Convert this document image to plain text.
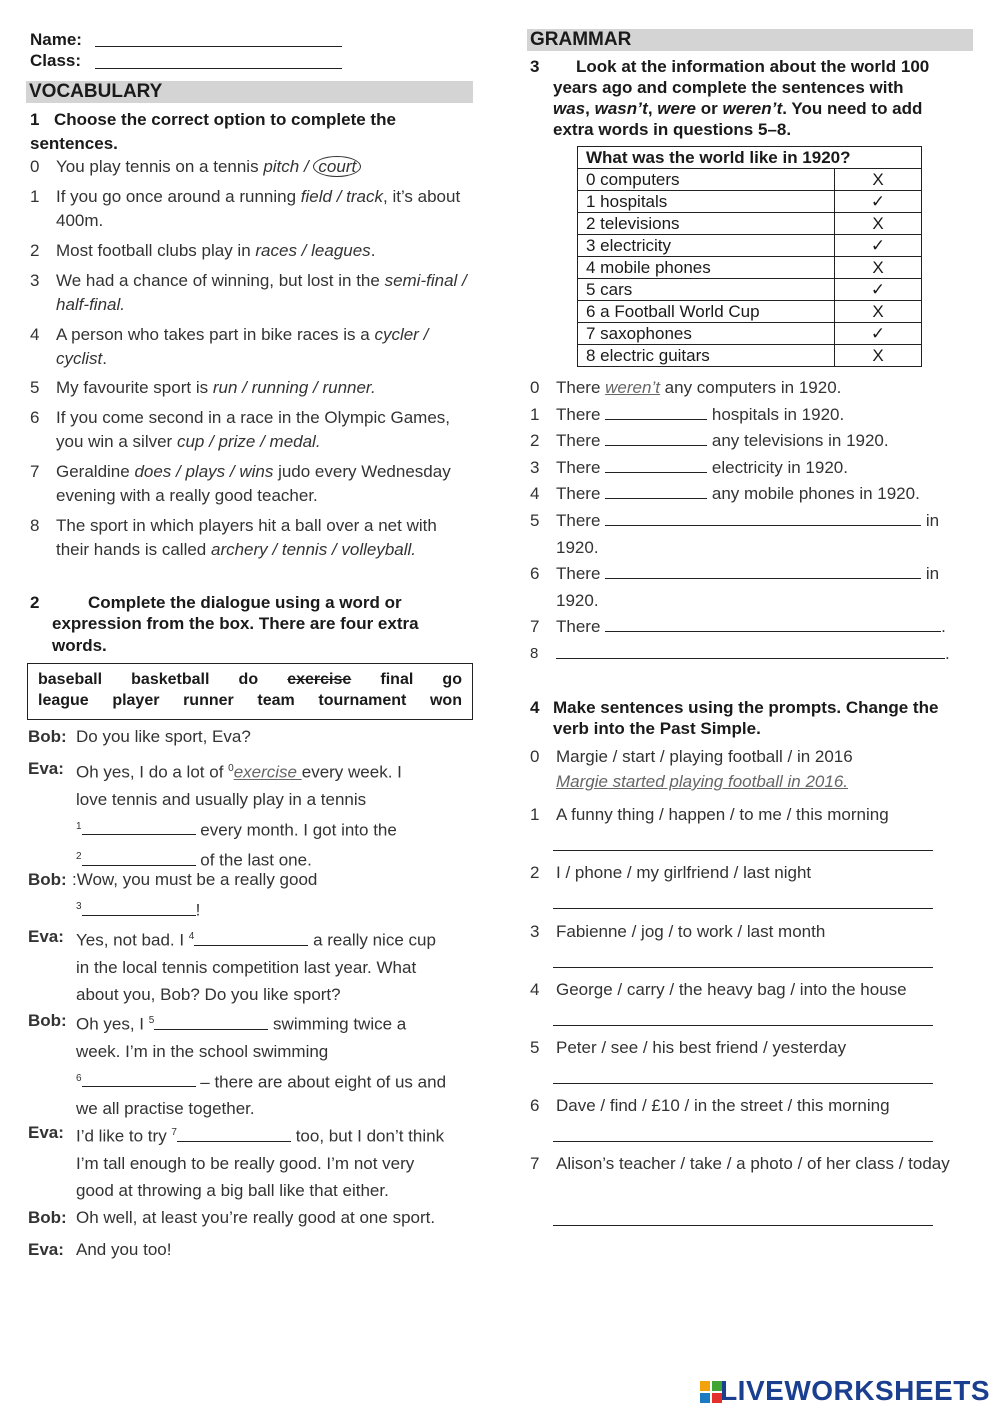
Name:
Class:
VOCABULARY
1 Choose the correct option to complete the sentences.
0 You play tennis on a tennis pitch / court
1 If you go once around a running field / track, it’s about 400m.
2 Most football clubs play in races / leagues.
3 We had a chance of winning, but lost in the semi-final / half-final.
4 A person who takes part in bike races is a cycler / cyclist.
5 My favourite sport is run / running / runner.
6 If you come second in a race in the Olympic Games, you win a silver cup / prize / medal.
7 Geraldine does / plays / wins judo every Wednesday evening with a really good teacher.
8 The sport in which players hit a ball over a net with their hands is called archery / tennis / volleyball.
2	Complete the dialogue using a word or
expression from the box. There are four extra words.
baseball basketball do exercise final go
league player runner team tournament won
Bob: Do you like sport, Eva?
Eva: Oh yes, I do a lot of $^0$exercise every week. I
love tennis and usually play in a tennis
$^1$	every month. I got into the
$^2$	of the last one.
Bob: :Wow, you must be a really good
$^3$	!
Eva: Yes, not bad. I $^4$	a really nice cup
in the local tennis competition last year. What
about you, Bob? Do you like sport?
Bob: Oh yes, I $^5$	swimming twice a
week. I’m in the school swimming
$^6$	– there are about eight of us and
we all practise together.
Eva: I’d like to try $^7$	too, but I don’t think
I’m tall enough to be really good. I’m not very
good at throwing a big ball like that either.
Bob: Oh well, at least you’re really good at one sport.
Eva: And you too!
GRAMMAR
3 Look at the information about the world 100
years ago and complete the sentences with
was, wasn’t, were or weren’t. You need to add
extra words in questions 5–8.
What was the world like in 1920?	
0 computers	X
1 hospitals	✓
2 televisions	X
3 electricity	✓
4 mobile phones	X
5 cars	✓
6 a Football World Cup	X
7 saxophones	✓
8 electric guitars	X
0 There weren’t any computers in 1920.
1 There	hospitals in 1920.
2 There	any televisions in 1920.
3 There	electricity in 1920.
4 There	any mobile phones in 1920.
5 There	in
1920.
6 There	in
1920.
7 There	.
8	.
4 Make sentences using the prompts. Change the verb into the Past Simple.
0 Margie / start / playing football / in 2016
Margie started playing football in 2016.
1 A funny thing / happen / to me / this morning
2 I / phone / my girlfriend / last night
3 Fabienne / jog / to work / last month
4 George / carry / the heavy bag / into the house
5 Peter / see / his best friend / yesterday
6 Dave / find / £10 / in the street / this morning
7 Alison’s teacher / take / a photo / of her class / today
LIVEWORKSHEETS
